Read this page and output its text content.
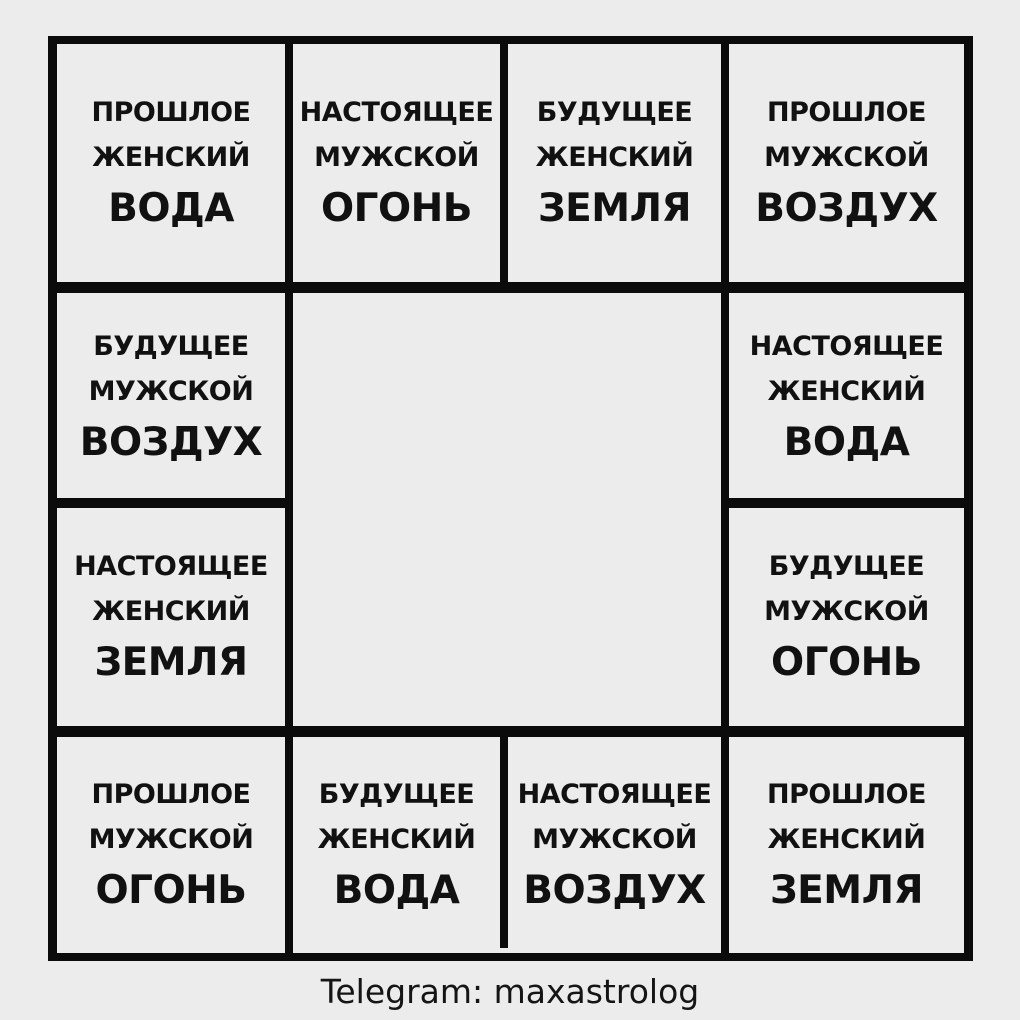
ПРОШЛОЕ
ЖЕНСКИЙ
ВОДА
НАСТОЯЩЕЕ
МУЖСКОЙ
ОГОНЬ
БУДУЩЕЕ
ЖЕНСКИЙ
ЗЕМЛЯ
ПРОШЛОЕ
МУЖСКОЙ
ВОЗДУХ
БУДУЩЕЕ
МУЖСКОЙ
ВОЗДУХ
НАСТОЯЩЕЕ
ЖЕНСКИЙ
ВОДА
НАСТОЯЩЕЕ
ЖЕНСКИЙ
ЗЕМЛЯ
БУДУЩЕЕ
МУЖСКОЙ
ОГОНЬ
ПРОШЛОЕ
МУЖСКОЙ
ОГОНЬ
БУДУЩЕЕ
ЖЕНСКИЙ
ВОДА
НАСТОЯЩЕЕ
МУЖСКОЙ
ВОЗДУХ
ПРОШЛОЕ
ЖЕНСКИЙ
ЗЕМЛЯ
Telegram: maxastrolog
